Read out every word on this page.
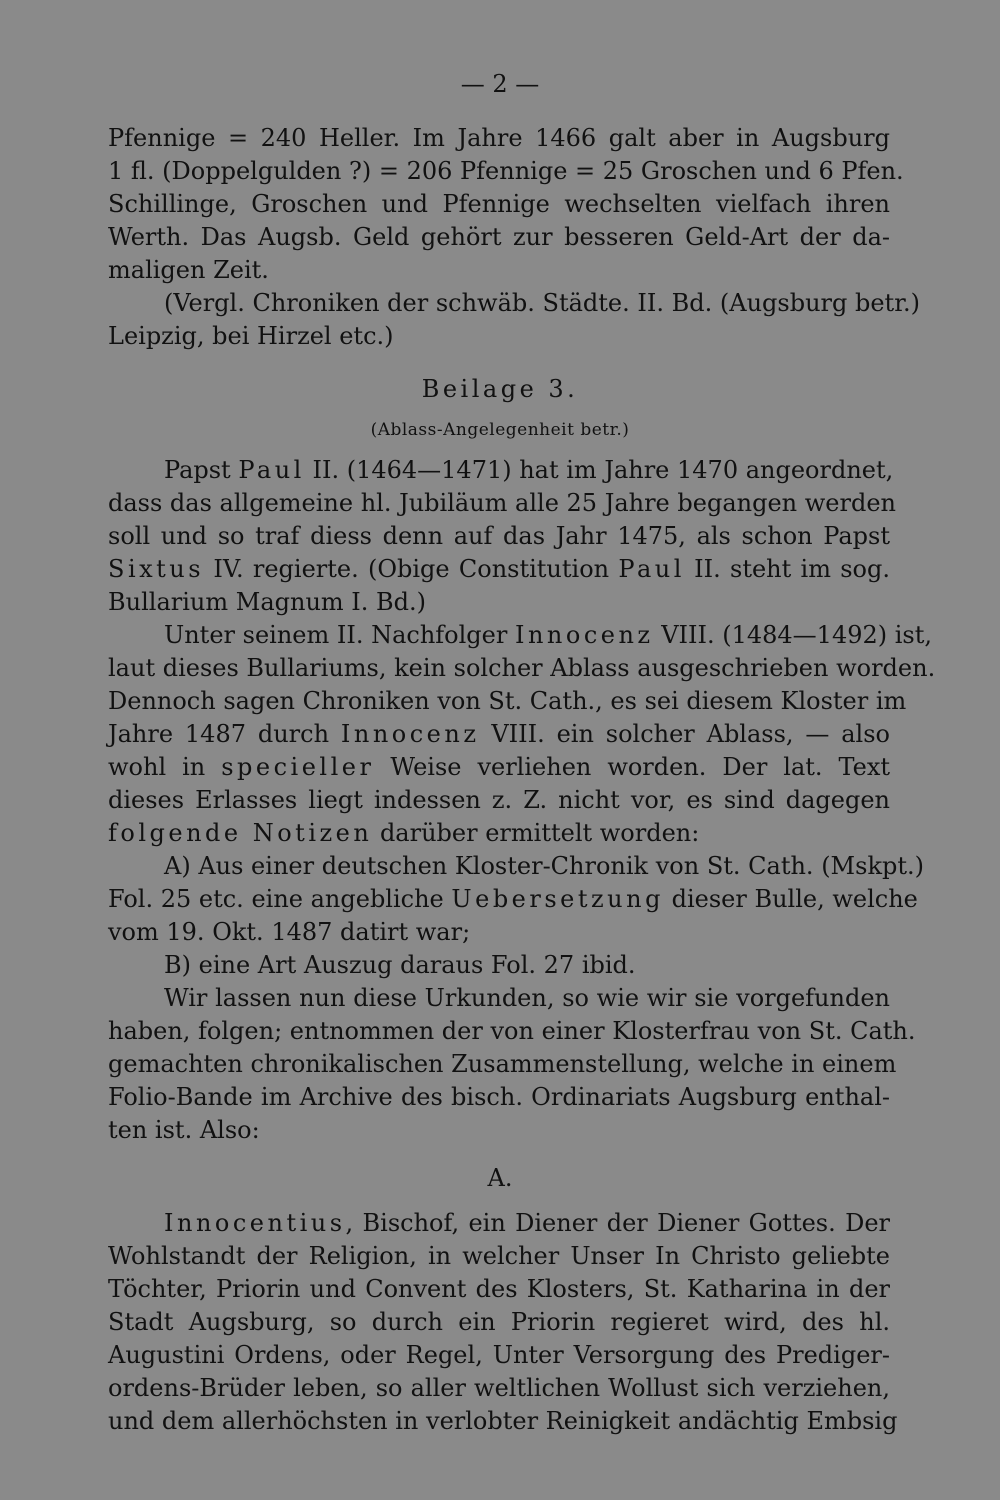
— 2 —
Pfennige = 240 Heller. Im Jahre 1466 galt aber in Augsburg
1 fl. (Doppelgulden ?) = 206 Pfennige = 25 Groschen und 6 Pfen.
Schillinge, Groschen und Pfennige wechselten vielfach ihren
Werth. Das Augsb. Geld gehört zur besseren Geld-Art der da-
maligen Zeit.
(Vergl. Chroniken der schwäb. Städte. II. Bd. (Augsburg betr.)
Leipzig, bei Hirzel etc.)
Beilage 3.
(Ablass-Angelegenheit betr.)
Papst Paul II. (1464—1471) hat im Jahre 1470 angeordnet,
dass das allgemeine hl. Jubiläum alle 25 Jahre begangen werden
soll und so traf diess denn auf das Jahr 1475, als schon Papst
Sixtus IV. regierte. (Obige Constitution Paul II. steht im sog.
Bullarium Magnum I. Bd.)
Unter seinem II. Nachfolger Innocenz VIII. (1484—1492) ist,
laut dieses Bullariums, kein solcher Ablass ausgeschrieben worden.
Dennoch sagen Chroniken von St. Cath., es sei diesem Kloster im
Jahre 1487 durch Innocenz VIII. ein solcher Ablass, — also
wohl in specieller Weise verliehen worden. Der lat. Text
dieses Erlasses liegt indessen z. Z. nicht vor, es sind dagegen
folgende Notizen darüber ermittelt worden:
A) Aus einer deutschen Kloster-Chronik von St. Cath. (Mskpt.)
Fol. 25 etc. eine angebliche Uebersetzung dieser Bulle, welche
vom 19. Okt. 1487 datirt war;
B) eine Art Auszug daraus Fol. 27 ibid.
Wir lassen nun diese Urkunden, so wie wir sie vorgefunden
haben, folgen; entnommen der von einer Klosterfrau von St. Cath.
gemachten chronikalischen Zusammenstellung, welche in einem
Folio-Bande im Archive des bisch. Ordinariats Augsburg enthal-
ten ist. Also:
A.
Innocentius, Bischof, ein Diener der Diener Gottes. Der
Wohlstandt der Religion, in welcher Unser In Christo geliebte
Töchter, Priorin und Convent des Klosters, St. Katharina in der
Stadt Augsburg, so durch ein Priorin regieret wird, des hl.
Augustini Ordens, oder Regel, Unter Versorgung des Prediger-
ordens-Brüder leben, so aller weltlichen Wollust sich verziehen,
und dem allerhöchsten in verlobter Reinigkeit andächtig Embsig
